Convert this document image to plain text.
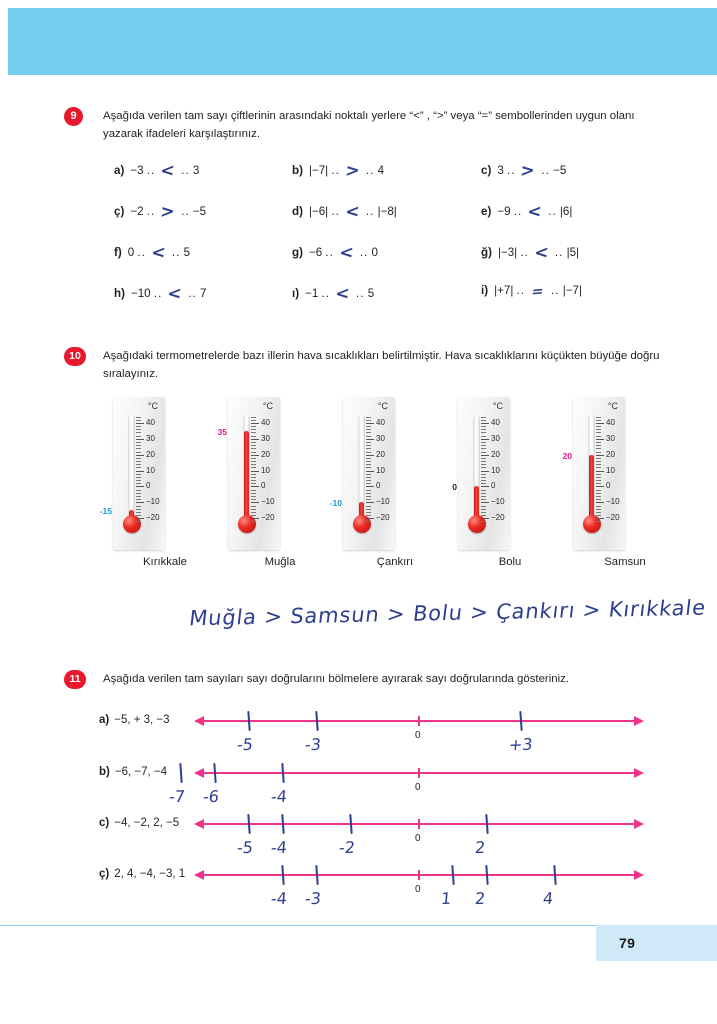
9	Aşağıda verilen tam sayı çiftlerinin arasındaki noktalı yerlere “<” , “>” veya “=” sembollerinden uygun olanı yazarak ifadeleri karşılaştırınız.
a) −3 .. < .. 3	b) |−7| .. > .. 4	c) 3 .. > .. −5
ç) −2 .. > .. −5	d) |−6| .. < .. |−8|	e) −9 .. < .. |6|
f) 0 .. < .. 5	g) −6 .. < .. 0	ğ) |−3| .. < .. |5|
h) −10 .. < .. 7	ı) −1 .. < .. 5	i) |+7| .. = .. |−7|
10	Aşağıdaki termometrelerde bazı illerin hava sıcaklıkları belirtilmiştir. Hava sıcaklıklarını küçükten büyüğe doğru sıralayınız.
°C
40
30
20
10
0
−10
−20
-15
Kırıkkale
°C
40
30
20
10
0
−10
−20
35
Muğla
°C
40
30
20
10
0
−10
−20
-10
Çankırı
°C
40
30
20
10
0
−10
−20
0
Bolu
°C
40
30
20
10
0
−10
−20
20
Samsun
Muğla > Samsun > Bolu > Çankırı > Kırıkkale
11	Aşağıda verilen tam sayıları sayı doğrularını bölmelere ayırarak sayı doğrularında gösteriniz.
a) −5, + 3, −3
0
-5	-3	+3
b) −6, −7, −4
0
-7 -6	-4
c) −4, −2, 2, −5
0
-5 -4	-2	2
ç) 2, 4, −4, −3, 1
0
-4 -3	1 2	4
79
